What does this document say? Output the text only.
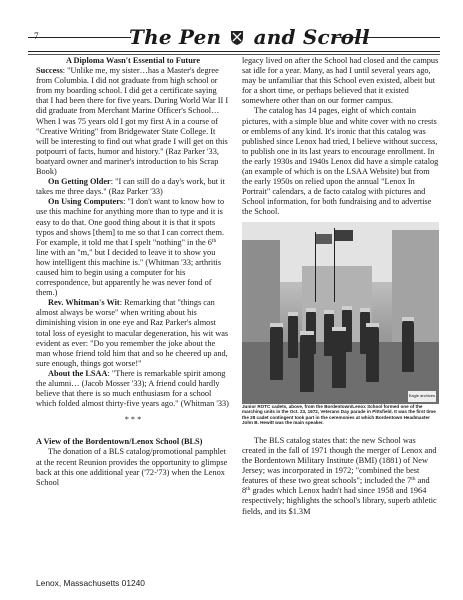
7	The Pen and Scroll

A Diploma Wasn't Essential to Future

Success: "Unlike me, my sister…has a Master's degree from Columbia. I did not graduate from high school or from my boarding school. I did get a certificate saying that I had been there for five years. During World War II I did graduate from Merchant Marine Officer's School…When I was 75 years old I got my first A in a course of "Creative Writing" from Bridgewater State College. It will be interesting to find out what grade I will get on this potpourri of facts, humor and history." (Raz Parker '33, boatyard owner and mariner's introduction to his Scrap Book)

On Getting Older: "I can still do a day's work, but it takes me three days." (Raz Parker '33)

On Using Computers: "I don't want to know how to use this machine for anything more than to type and it is easy to do that. One good thing about it is that it spots typos and shows [them] to me so that I can correct them. For example, it told me that I spelt "nothing" in the 6th line with an "m," but I decided to leave it to show you how intelligent this machine is." (Whitman '33; arthritis caused him to begin using a computer for his correspondence, but apparently he was never fond of them.)

Rev. Whitman's Wit: Remarking that "things can almost always be worse" when writing about his diminishing vision in one eye and Raz Parker's almost total loss of eyesight to macular degeneration, his wit was evident as ever: "Do you remember the joke about the man whose friend told him that and so he cheered up and, sure enough, things got worse!"

About the LSAA: "There is remarkable spirit among the alumni… (Jacob Mosser '33); A friend could hardly believe that there is so much enthusiasm for a school which folded almost thirty-five years ago." (Whitman '33)

* * *

A View of the Bordentown/Lenox School (BLS)

The donation of a BLS catalog/promotional pamphlet at the recent Reunion provides the opportunity to glimpse back at this one additional year ('72-'73) when the Lenox School

legacy lived on after the School had closed and the campus sat idle for a year. Many, as had I until several years ago, may be unfamiliar that this School even existed, albeit but for a short time, or perhaps believed that it existed somewhere other than on our former campus.

The catalog has 14 pages, eight of which contain pictures, with a simple blue and white cover with no crests or emblems of any kind. It's ironic that this catalog was published since Lenox had tried, I believe without success, to publish one in its last years to encourage enrollment. In the early 1930s and 1940s Lenox did have a simple catalog (an example of which is on the LSAA Website) but from the early 1950s on relied upon the annual "Lenox In Portrait" calendars, a de facto catalog with pictures and School information, for both fundraising and to advertise the School.

Eagle archives

Junior ROTC cadets, above, from the Bordentown/Lenox School formed one of the marching units in the Oct. 23, 1972, Veterans Day parade in Pittsfield. It was the first time the 28 cadet contingent took part in the ceremonies at which Bordentown Headmaster John B. Hewitt was the main speaker.

The BLS catalog states that: the new School was created in the fall of 1971 though the merger of Lenox and the Bordentown Military Institute (BMI) (1881) of New Jersey; was incorporated in 1972; "combined the best features of these two great schools"; included the 7th and 8th grades which Lenox hadn't had since 1958 and 1964 respectively; highlights the school's library, superb athletic fields, and its $1.3M

Lenox, Massachusetts 01240
